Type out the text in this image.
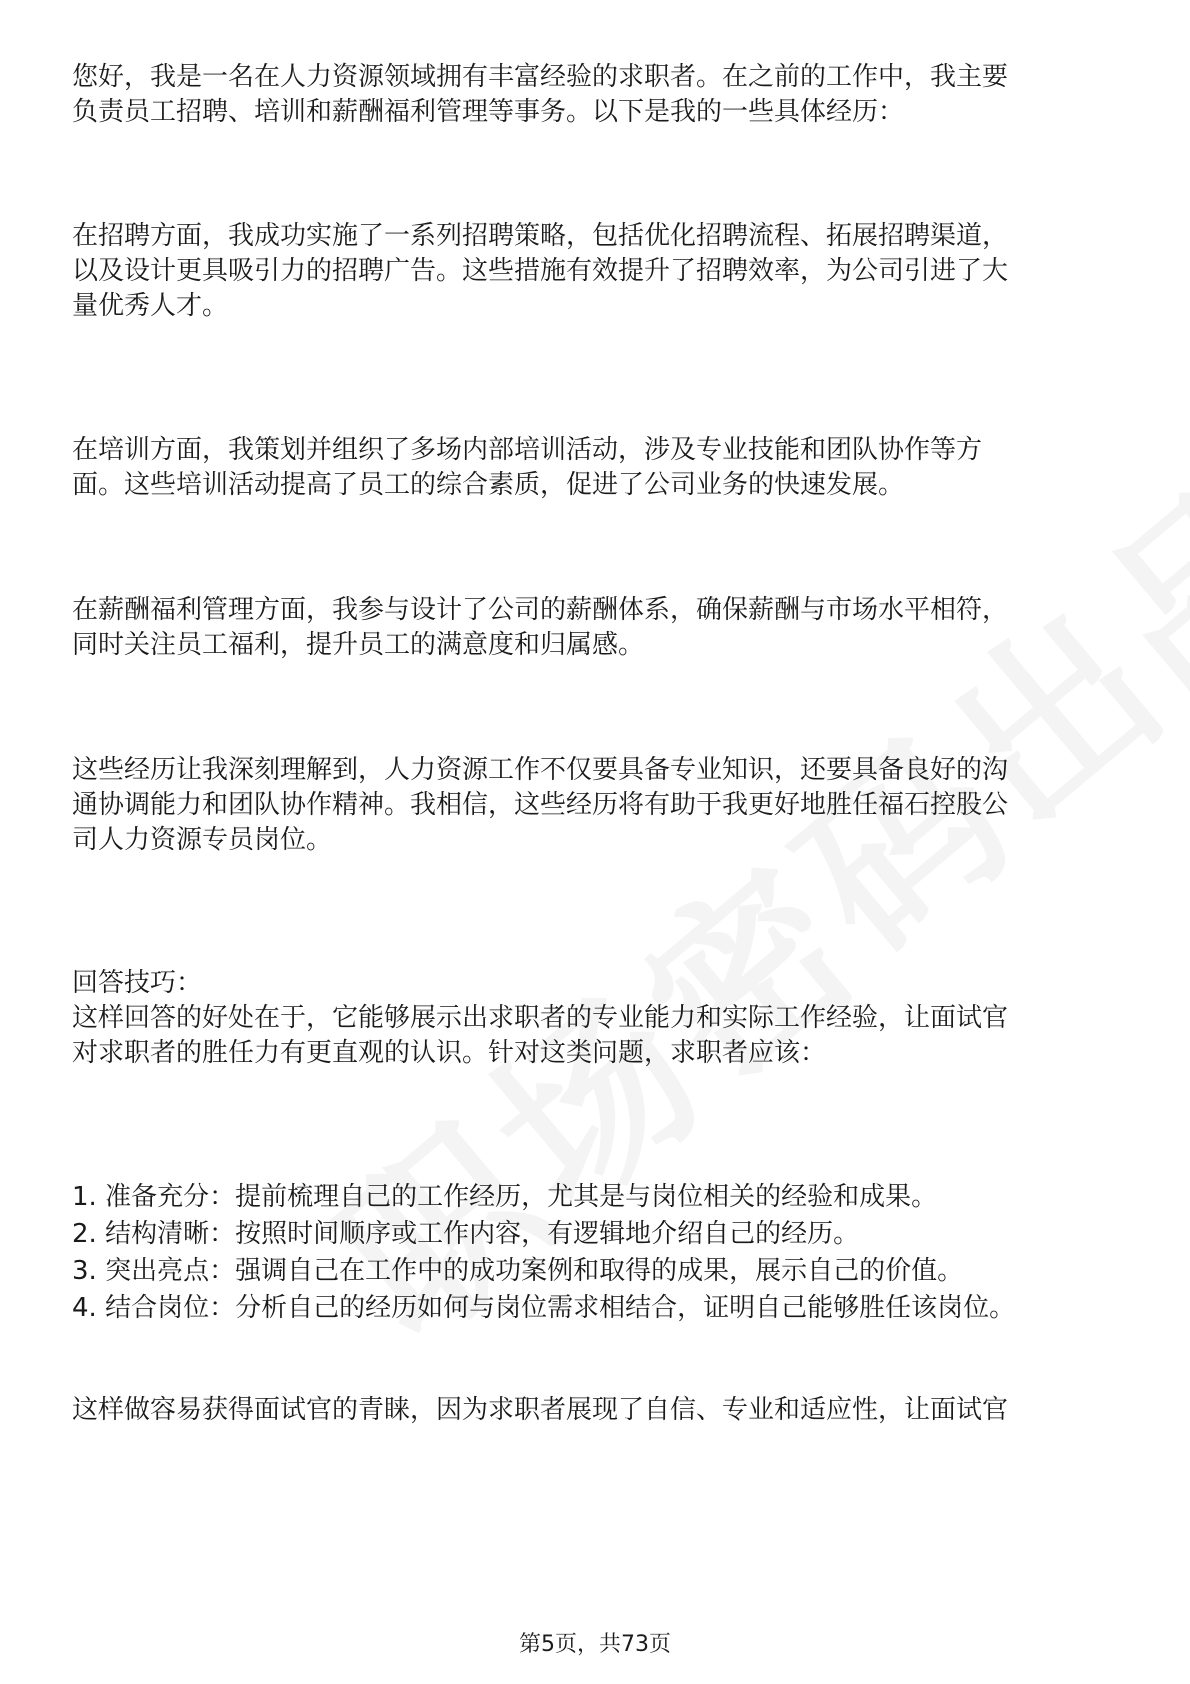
您好，我是一名在人力资源领域拥有丰富经验的求职者。在之前的工作中，我主要
负责员工招聘、培训和薪酬福利管理等事务。以下是我的一些具体经历：
在招聘方面，我成功实施了一系列招聘策略，包括优化招聘流程、拓展招聘渠道，
以及设计更具吸引力的招聘广告。这些措施有效提升了招聘效率，为公司引进了大
量优秀人才。
在培训方面，我策划并组织了多场内部培训活动，涉及专业技能和团队协作等方
面。这些培训活动提高了员工的综合素质，促进了公司业务的快速发展。
在薪酬福利管理方面，我参与设计了公司的薪酬体系，确保薪酬与市场水平相符，
同时关注员工福利，提升员工的满意度和归属感。
这些经历让我深刻理解到，人力资源工作不仅要具备专业知识，还要具备良好的沟
通协调能力和团队协作精神。我相信，这些经历将有助于我更好地胜任福石控股公
司人力资源专员岗位。
回答技巧：
这样回答的好处在于，它能够展示出求职者的专业能力和实际工作经验，让面试官
对求职者的胜任力有更直观的认识。针对这类问题，求职者应该：
1. 准备充分：提前梳理自己的工作经历，尤其是与岗位相关的经验和成果。
2. 结构清晰：按照时间顺序或工作内容，有逻辑地介绍自己的经历。
3. 突出亮点：强调自己在工作中的成功案例和取得的成果，展示自己的价值。
4. 结合岗位：分析自己的经历如何与岗位需求相结合，证明自己能够胜任该岗位。
这样做容易获得面试官的青睐，因为求职者展现了自信、专业和适应性，让面试官
第5页，共73页
